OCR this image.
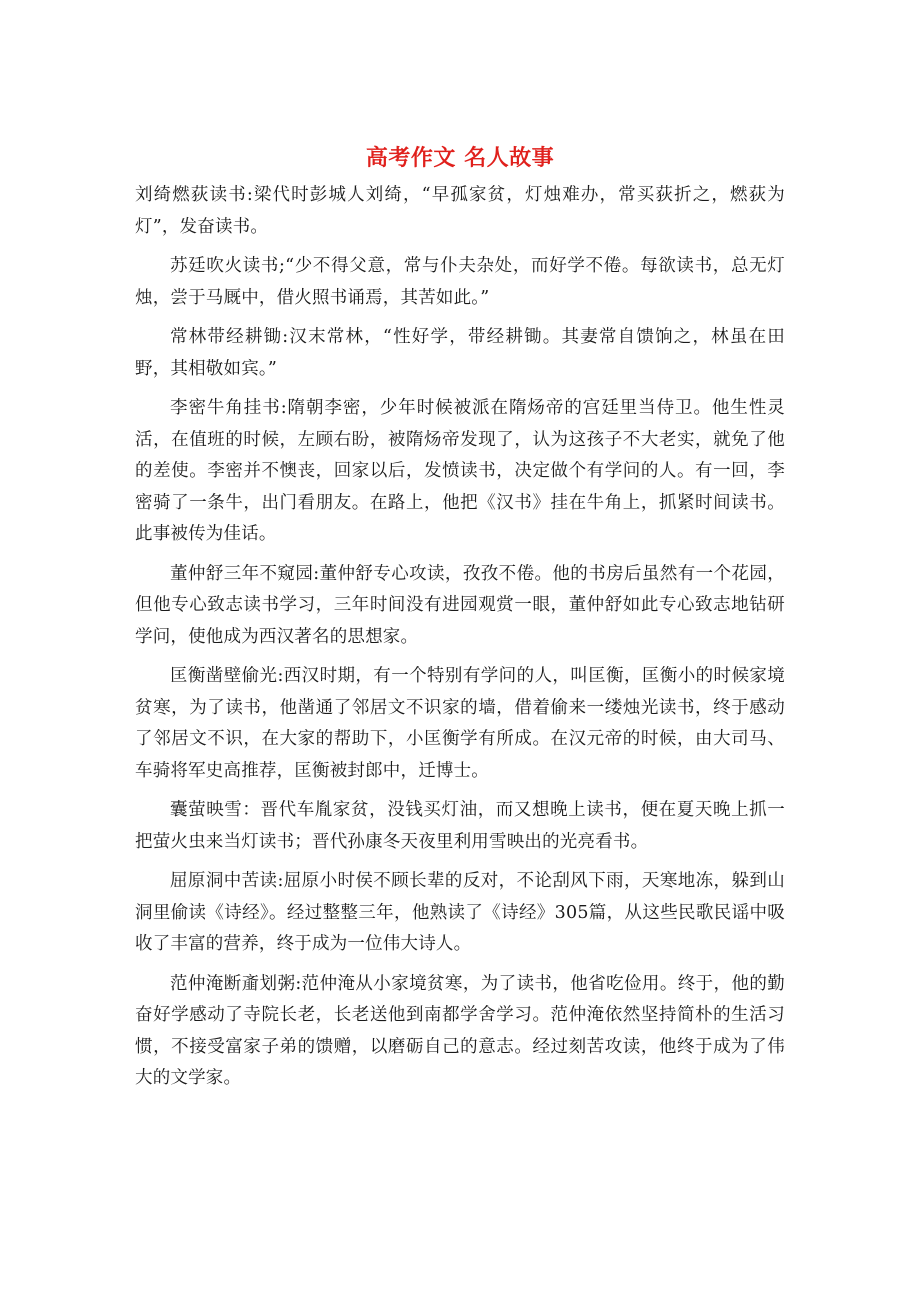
高考作文 名人故事

刘绮燃荻读书:梁代时彭城人刘绮，“早孤家贫，灯烛难办，常买荻折之，燃荻为灯”，发奋读书。

苏廷吹火读书;“少不得父意，常与仆夫杂处，而好学不倦。每欲读书，总无灯烛，尝于马厩中，借火照书诵焉，其苦如此。”

常林带经耕锄:汉末常林，“性好学，带经耕锄。其妻常自馈饷之，林虽在田野，其相敬如宾。”

李密牛角挂书:隋朝李密，少年时候被派在隋炀帝的宫廷里当侍卫。他生性灵活，在值班的时候，左顾右盼，被隋炀帝发现了，认为这孩子不大老实，就免了他的差使。李密并不懊丧，回家以后，发愤读书，决定做个有学问的人。有一回，李密骑了一条牛，出门看朋友。在路上，他把《汉书》挂在牛角上，抓紧时间读书。此事被传为佳话。

董仲舒三年不窥园:董仲舒专心攻读，孜孜不倦。他的书房后虽然有一个花园，但他专心致志读书学习，三年时间没有进园观赏一眼，董仲舒如此专心致志地钻研学问，使他成为西汉著名的思想家。

匡衡凿壁偷光:西汉时期，有一个特别有学问的人，叫匡衡，匡衡小的时候家境贫寒，为了读书，他凿通了邻居文不识家的墙，借着偷来一缕烛光读书，终于感动了邻居文不识，在大家的帮助下，小匡衡学有所成。在汉元帝的时候，由大司马、车骑将军史高推荐，匡衡被封郎中，迁博士。

囊萤映雪：晋代车胤家贫，没钱买灯油，而又想晚上读书，便在夏天晚上抓一把萤火虫来当灯读书；晋代孙康冬天夜里利用雪映出的光亮看书。

屈原洞中苦读:屈原小时侯不顾长辈的反对，不论刮风下雨，天寒地冻，躲到山洞里偷读《诗经》。经过整整三年，他熟读了《诗经》305篇，从这些民歌民谣中吸收了丰富的营养，终于成为一位伟大诗人。

范仲淹断齑划粥:范仲淹从小家境贫寒，为了读书，他省吃俭用。终于，他的勤奋好学感动了寺院长老，长老送他到南都学舍学习。范仲淹依然坚持简朴的生活习惯，不接受富家子弟的馈赠，以磨砺自己的意志。经过刻苦攻读，他终于成为了伟大的文学家。
